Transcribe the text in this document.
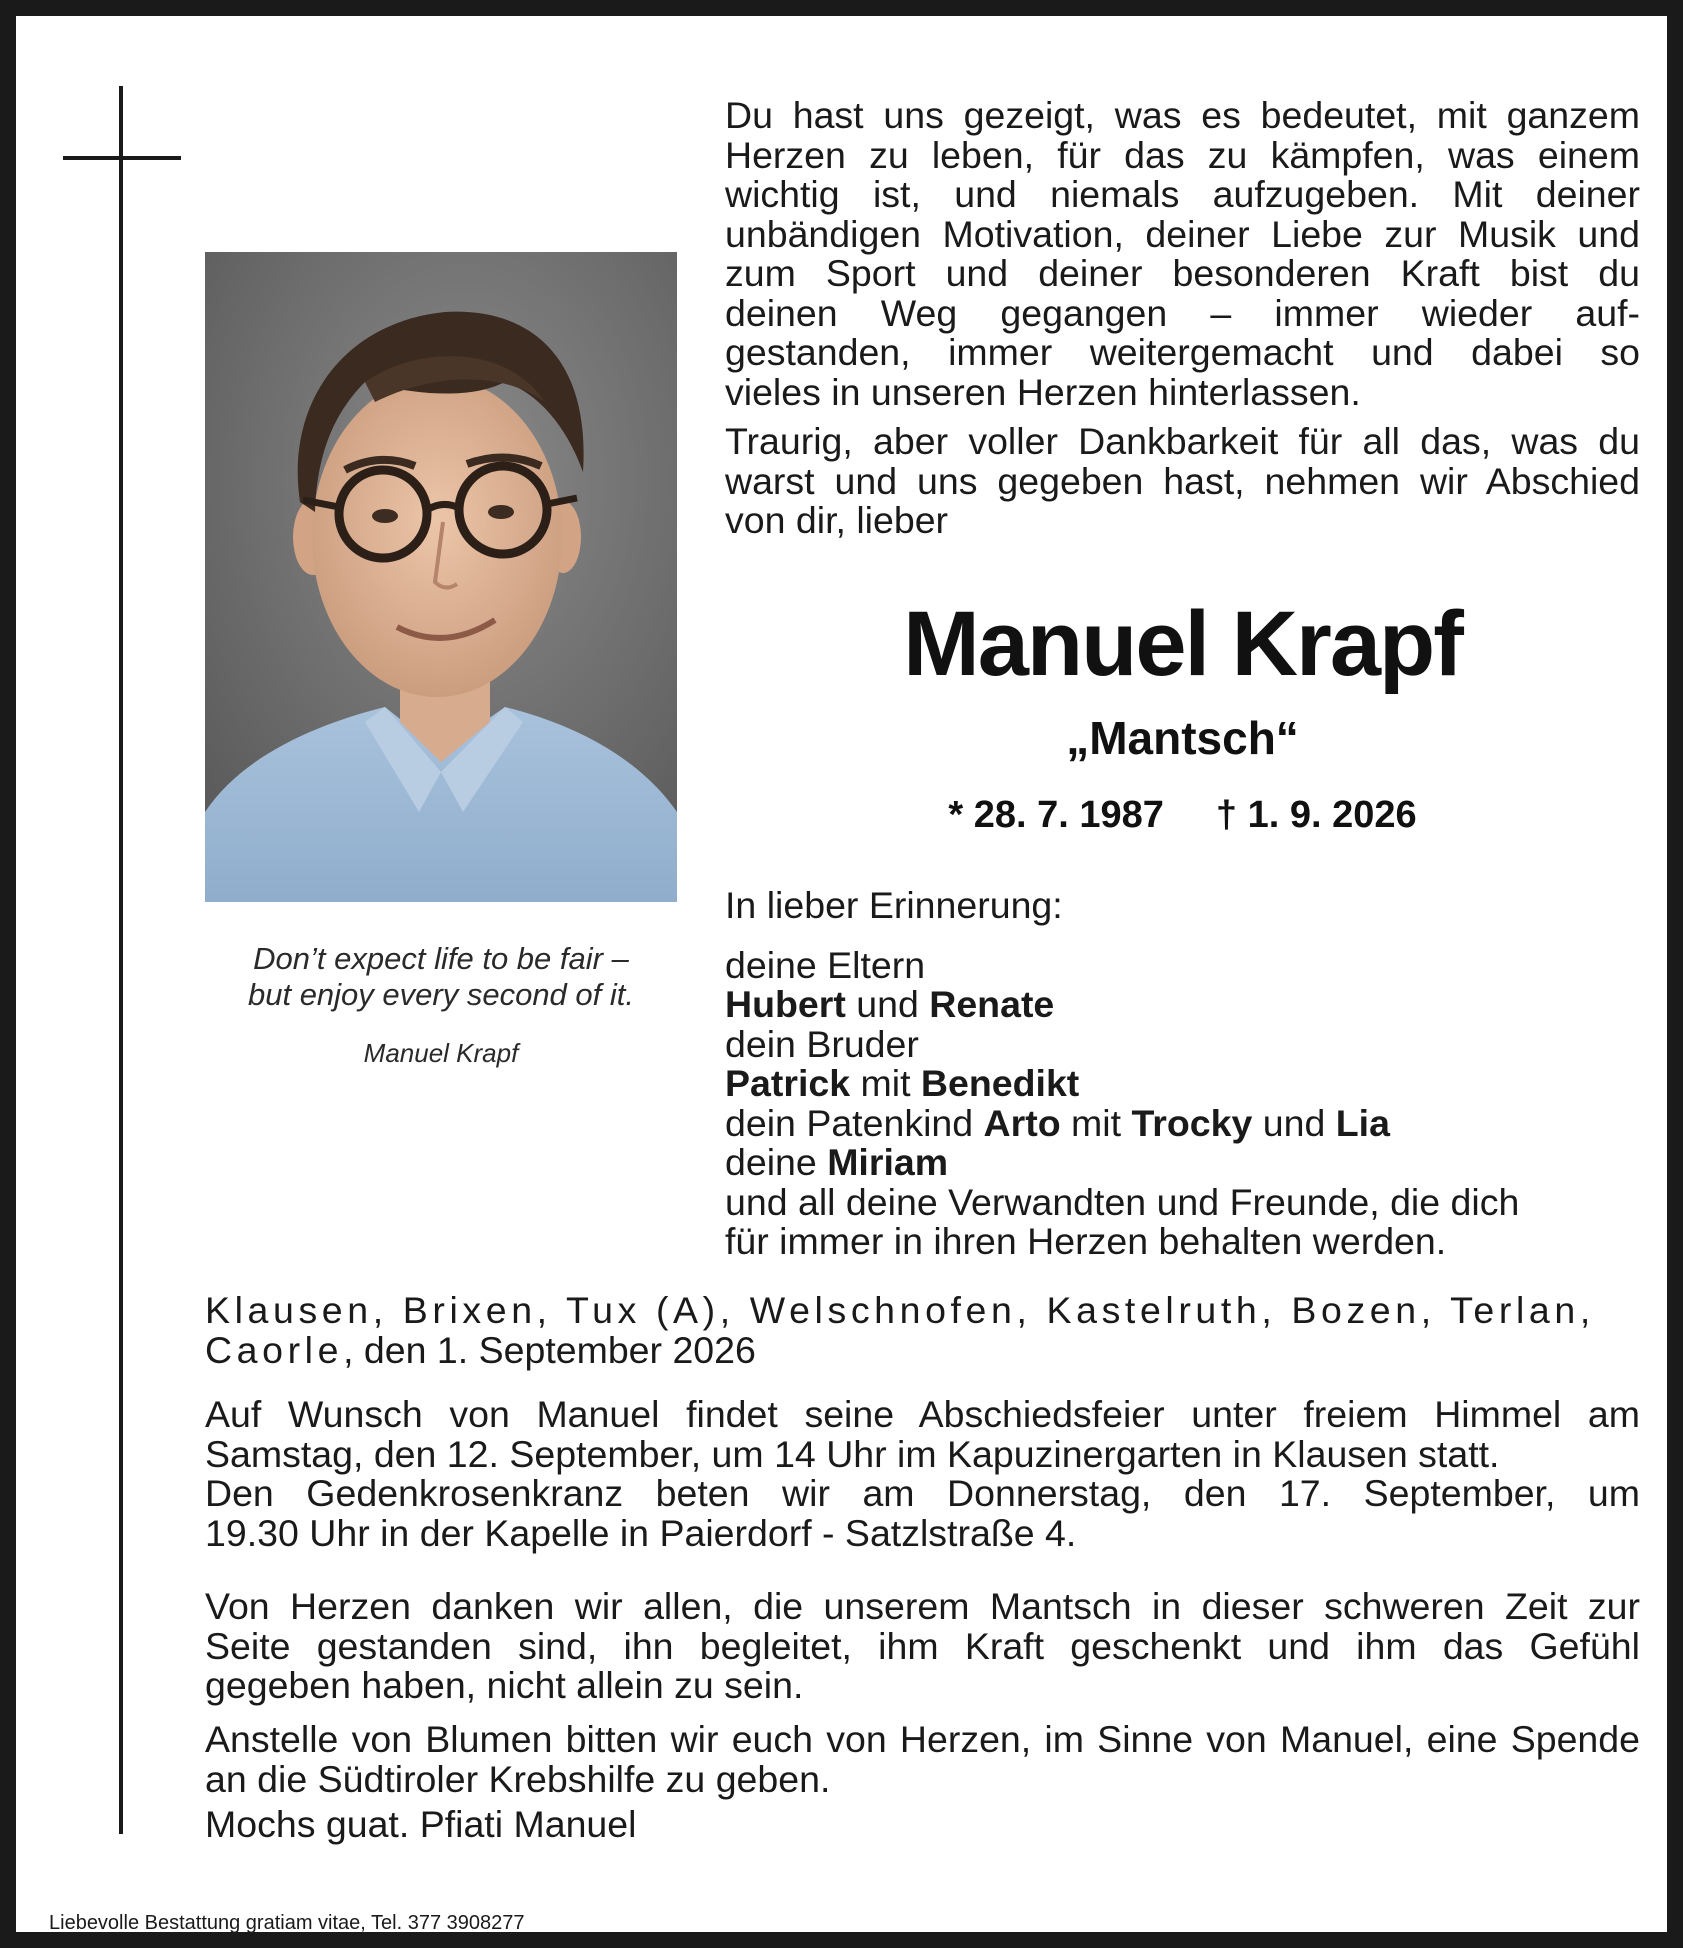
Don’t expect life to be fair –
but enjoy every second of it.
Manuel Krapf
Du hast uns gezeigt, was es bedeutet, mit ganzem
Herzen zu leben, für das zu kämpfen, was einem
wichtig ist, und niemals aufzugeben. Mit deiner
unbändigen Motivation, deiner Liebe zur Musik und
zum Sport und deiner besonderen Kraft bist du
deinen Weg gegangen – immer wieder auf-
gestanden, immer weitergemacht und dabei so
vieles in unseren Herzen hinterlassen.
Traurig, aber voller Dankbarkeit für all das, was du
warst und uns gegeben hast, nehmen wir Abschied
von dir, lieber
Manuel Krapf
„Mantsch“
* 28. 7. 1987 † 1. 9. 2026
In lieber Erinnerung:
deine Eltern
Hubert und Renate
dein Bruder
Patrick mit Benedikt
dein Patenkind Arto mit Trocky und Lia
deine Miriam
und all deine Verwandten und Freunde, die dich
für immer in ihren Herzen behalten werden.
Klausen, Brixen, Tux (A), Welschnofen, Kastelruth, Bozen, Terlan,
Caorle, den 1. September 2026
Auf Wunsch von Manuel findet seine Abschiedsfeier unter freiem Himmel am
Samstag, den 12. September, um 14 Uhr im Kapuzinergarten in Klausen statt.
Den Gedenkrosenkranz beten wir am Donnerstag, den 17. September, um
19.30 Uhr in der Kapelle in Paierdorf - Satzlstraße 4.
Von Herzen danken wir allen, die unserem Mantsch in dieser schweren Zeit zur
Seite gestanden sind, ihn begleitet, ihm Kraft geschenkt und ihm das Gefühl
gegeben haben, nicht allein zu sein.
Anstelle von Blumen bitten wir euch von Herzen, im Sinne von Manuel, eine Spende
an die Südtiroler Krebshilfe zu geben.
Mochs guat. Pfiati Manuel
Liebevolle Bestattung gratiam vitae, Tel. 377 3908277
